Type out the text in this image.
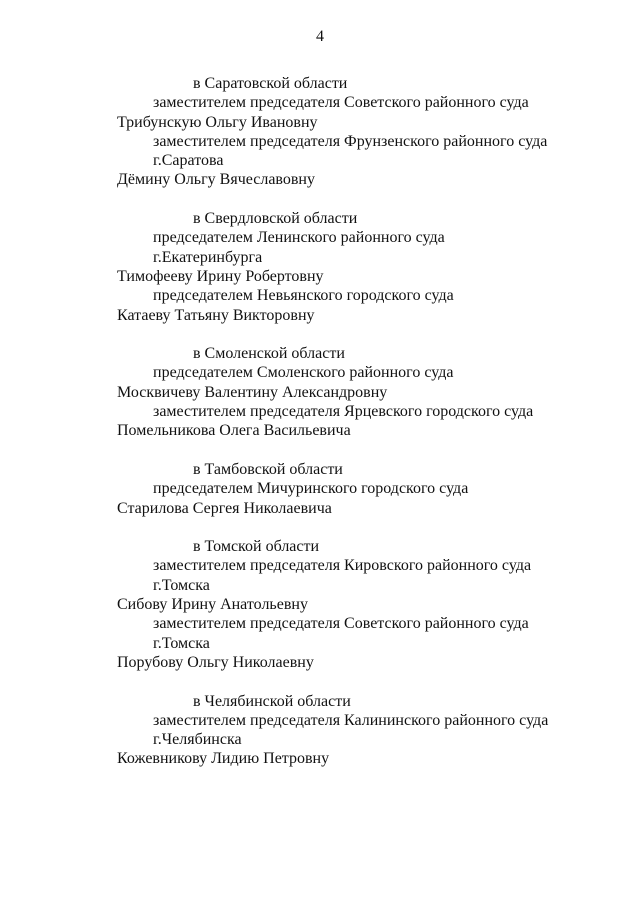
4
в Саратовской области
заместителем председателя Советского районного суда
Трибунскую Ольгу Ивановну
заместителем председателя Фрунзенского районного суда
г.Саратова
Дёмину Ольгу Вячеславовну
в Свердловской области
председателем Ленинского районного суда
г.Екатеринбурга
Тимофееву Ирину Робертовну
председателем Невьянского городского суда
Катаеву Татьяну Викторовну
в Смоленской области
председателем Смоленского районного суда
Москвичеву Валентину Александровну
заместителем председателя Ярцевского городского суда
Помельникова Олега Васильевича
в Тамбовской области
председателем Мичуринского городского суда
Старилова Сергея Николаевича
в Томской области
заместителем председателя Кировского районного суда
г.Томска
Сибову Ирину Анатольевну
заместителем председателя Советского районного суда
г.Томска
Порубову Ольгу Николаевну
в Челябинской области
заместителем председателя Калининского районного суда
г.Челябинска
Кожевникову Лидию Петровну
